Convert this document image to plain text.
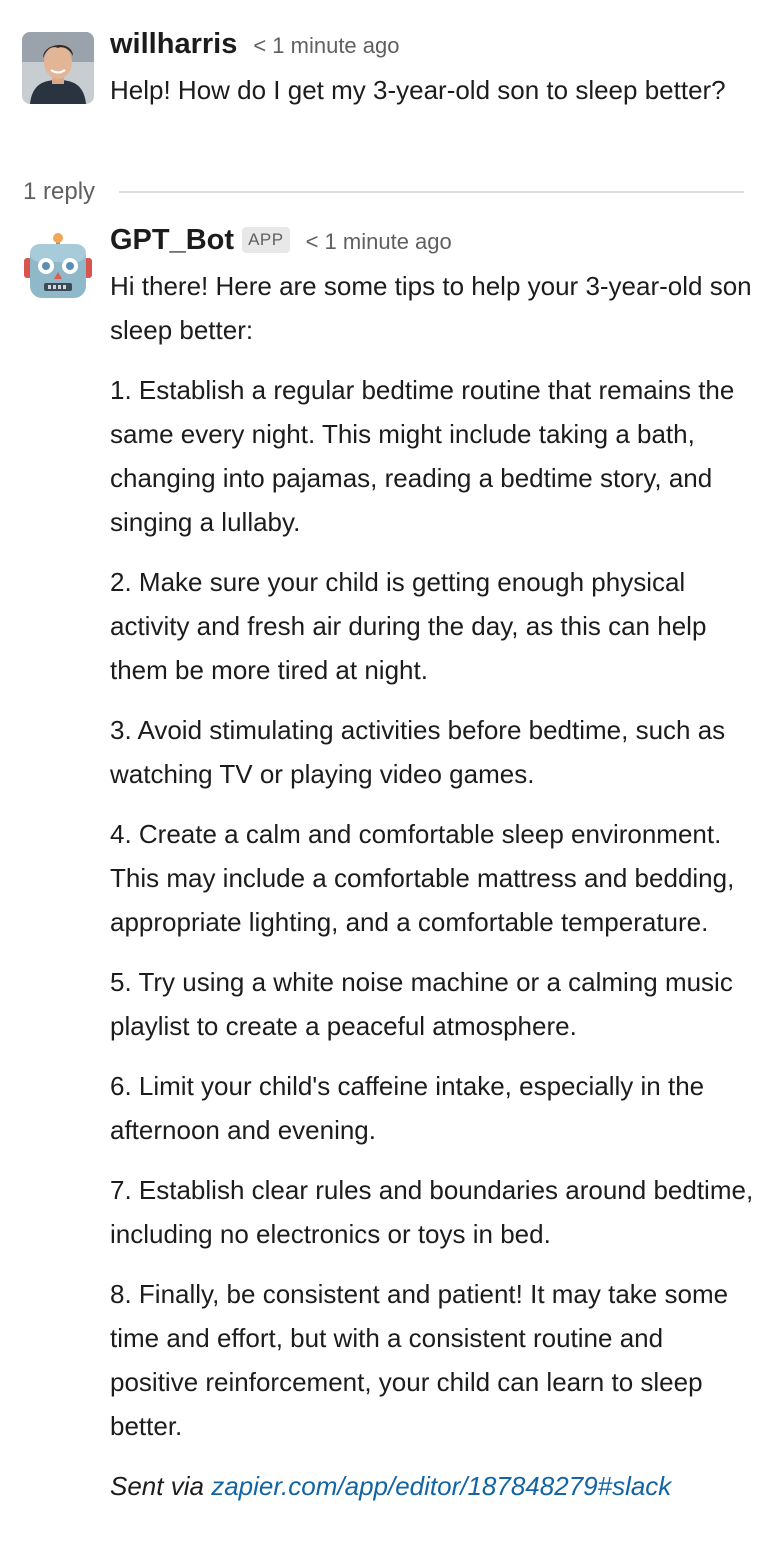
willharris < 1 minute ago
Help! How do I get my 3-year-old son to sleep better?
1 reply
GPT_Bot APP < 1 minute ago
Hi there! Here are some tips to help your 3-year-old son sleep better:
1. Establish a regular bedtime routine that remains the same every night. This might include taking a bath, changing into pajamas, reading a bedtime story, and singing a lullaby.
2. Make sure your child is getting enough physical activity and fresh air during the day, as this can help them be more tired at night.
3. Avoid stimulating activities before bedtime, such as watching TV or playing video games.
4. Create a calm and comfortable sleep environment. This may include a comfortable mattress and bedding, appropriate lighting, and a comfortable temperature.
5. Try using a white noise machine or a calming music playlist to create a peaceful atmosphere.
6. Limit your child's caffeine intake, especially in the afternoon and evening.
7. Establish clear rules and boundaries around bedtime, including no electronics or toys in bed.
8. Finally, be consistent and patient! It may take some time and effort, but with a consistent routine and positive reinforcement, your child can learn to sleep better.
Sent via zapier.com/app/editor/187848279#slack
